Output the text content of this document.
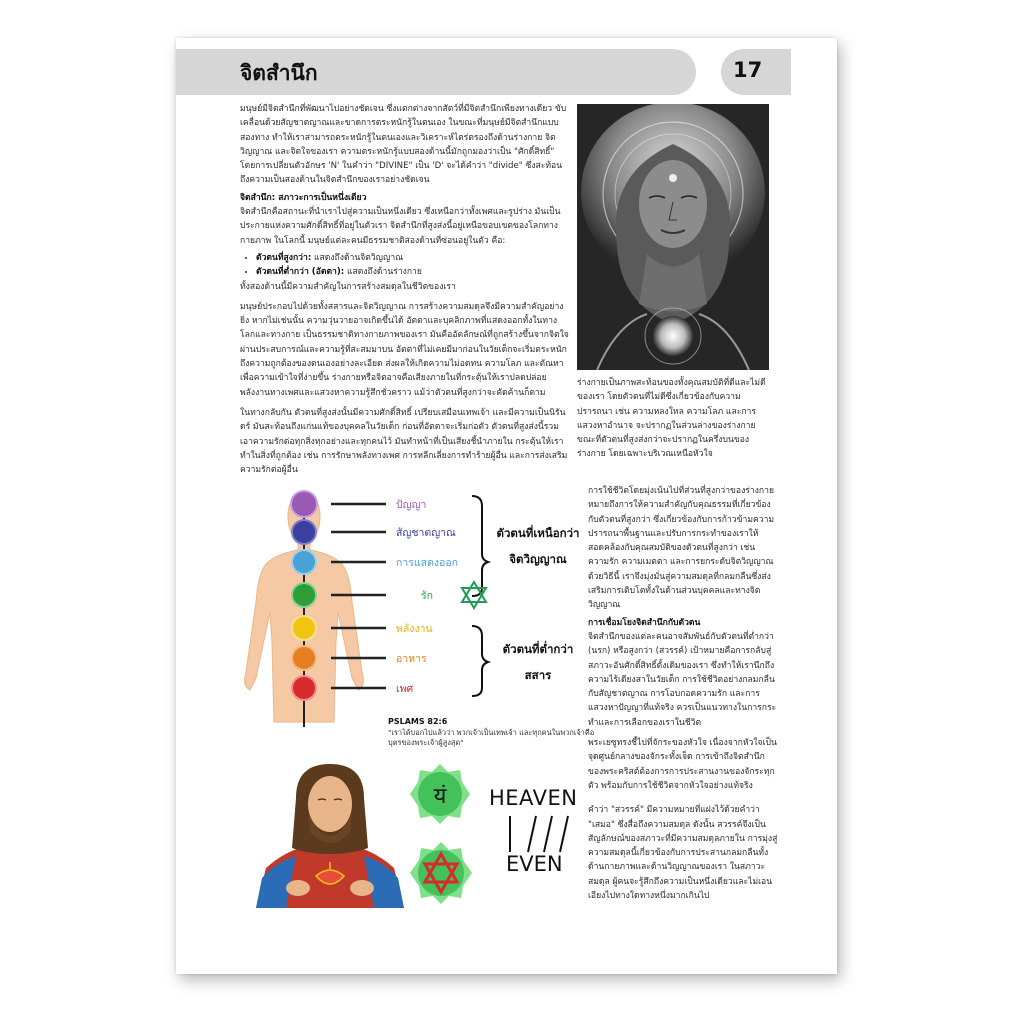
จิตสำนึก	17

มนุษย์มีจิตสำนึกที่พัฒนาไปอย่างชัดเจน ซึ่งแตกต่างจากสัตว์ที่มีจิตสำนึกเพียงทางเดียว ขับเคลื่อนด้วยสัญชาตญาณและขาดการตระหนักรู้ในตนเอง ในขณะที่มนุษย์มีจิตสำนึกแบบสองทาง ทำให้เราสามารถตระหนักรู้ในตนเองและวิเคราะห์ไตร่ตรองถึงด้านร่างกาย จิตวิญญาณ และจิตใจของเรา ความตระหนักรู้แบบสองด้านนี้มักถูกมองว่าเป็น "ศักดิ์สิทธิ์" โดยการเปลี่ยนตัวอักษร 'N' ในคำว่า "DIVINE" เป็น 'D' จะได้คำว่า "divide" ซึ่งสะท้อนถึงความเป็นสองด้านในจิตสำนึกของเราอย่างชัดเจน

จิตสำนึก: สภาวะการเป็นหนึ่งเดียว

จิตสำนึกคือสถานะที่นำเราไปสู่ความเป็นหนึ่งเดียว ซึ่งเหนือกว่าทั้งเพศและรูปร่าง มันเป็นประกายแห่งความศักดิ์สิทธิ์ที่อยู่ในตัวเรา จิตสำนึกที่สูงส่งนี้อยู่เหนือขอบเขตของโลกทางกายภาพ ในโลกนี้ มนุษย์แต่ละคนมีธรรมชาติสองด้านที่ซ่อนอยู่ในตัว คือ:

• ตัวตนที่สูงกว่า: แสดงถึงด้านจิตวิญญาณ
• ตัวตนที่ต่ำกว่า (อัตตา): แสดงถึงด้านร่างกาย

ทั้งสองด้านนี้มีความสำคัญในการสร้างสมดุลในชีวิตของเรา

มนุษย์ประกอบไปด้วยทั้งสสารและจิตวิญญาณ การสร้างความสมดุลจึงมีความสำคัญอย่างยิ่ง หากไม่เช่นนั้น ความวุ่นวายอาจเกิดขึ้นได้ อัตตาและบุคลิกภาพที่แสดงออกทั้งในทางโลกและทางกาย เป็นธรรมชาติทางกายภาพของเรา มันคืออัตลักษณ์ที่ถูกสร้างขึ้นจากจิตใจผ่านประสบการณ์และความรู้ที่สะสมมาบน อัตตาที่ไม่เคยมีมาก่อนในวัยเด็กจะเริ่มตระหนักถึงความถูกต้องของตนเองอย่างละเอียด ส่งผลให้เกิดความไม่อดทน ความโลภ และตัณหา เพื่อความเข้าใจที่ง่ายขึ้น ร่างกายหรือจิตอาจคือเสียงภายในที่กระตุ้นให้เราปลดปล่อยพลังงานทางเพศและแสวงหาความรู้สึกชั่วคราว แม้ว่าตัวตนที่สูงกว่าจะคัดค้านก็ตาม

ในทางกลับกัน ตัวตนที่สูงส่งนั้นมีความศักดิ์สิทธิ์ เปรียบเสมือนเทพเจ้า และมีความเป็นนิรันดร์ มันสะท้อนถึงแก่นแท้ของบุคคลในวัยเด็ก ก่อนที่อัตตาจะเริ่มก่อตัว ตัวตนที่สูงส่งนี้รวมเอาความรักต่อทุกสิ่งทุกอย่างและทุกคนไว้ มันทำหน้าที่เป็นเสียงชี้นำภายใน กระตุ้นให้เราทำในสิ่งที่ถูกต้อง เช่น การรักษาพลังทางเพศ การหลีกเลี่ยงการทำร้ายผู้อื่น และการส่งเสริมความรักต่อผู้อื่น

ร่างกายเป็นภาพสะท้อนของทั้งคุณสมบัติที่ดีและไม่ดีของเรา โดยตัวตนที่ไม่ดีซึ่งเกี่ยวข้องกับความปรารถนา เช่น ความหลงใหล ความโลภ และการแสวงหาอำนาจ จะปรากฏในส่วนล่างของร่างกาย ขณะที่ตัวตนที่สูงส่งกว่าจะปรากฏในครึ่งบนของร่างกาย โดยเฉพาะบริเวณเหนือหัวใจ

ปัญญา
สัญชาตญาณ
การแสดงออก
รัก
พลังงาน
อาหาร
เพศ
ตัวตนที่เหนือกว่า
จิตวิญญาณ
ตัวตนที่ต่ำกว่า
สสาร
PSLAMS 82:6
"เราได้บอกไปแล้วว่า พวกเจ้าเป็นเทพเจ้า และทุกคนในพวกเจ้าคือบุตรของพระเจ้าผู้สูงสุด"

การใช้ชีวิตโดยมุ่งเน้นไปที่ส่วนที่สูงกว่าของร่างกาย หมายถึงการให้ความสำคัญกับคุณธรรมที่เกี่ยวข้องกับตัวตนที่สูงกว่า ซึ่งเกี่ยวข้องกับการก้าวข้ามความปรารถนาพื้นฐานและปรับการกระทำของเราให้สอดคล้องกับคุณสมบัติของตัวตนที่สูงกว่า เช่น ความรัก ความเมตตา และการยกระดับจิตวิญญาณ ด้วยวิธีนี้ เราจึงมุ่งมั่นสู่ความสมดุลที่กลมกลืนซึ่งส่งเสริมการเติบโตทั้งในด้านส่วนบุคคลและทางจิตวิญญาณ

การเชื่อมโยงจิตสำนึกกับตัวตน

จิตสำนึกของแต่ละคนอาจสัมพันธ์กับตัวตนที่ต่ำกว่า (นรก) หรือสูงกว่า (สวรรค์) เป้าหมายคือการกลับสู่สภาวะอันศักดิ์สิทธิ์ดั้งเดิมของเรา ซึ่งทำให้เรานึกถึงความไร้เดียงสาในวัยเด็ก การใช้ชีวิตอย่างกลมกลืนกับสัญชาตญาณ การโอบกอดความรัก และการแสวงหาปัญญาที่แท้จริง ควรเป็นแนวทางในการกระทำและการเลือกของเราในชีวิต

พระเยซูทรงชี้ไปที่จักระของหัวใจ เนื่องจากหัวใจเป็นจุดศูนย์กลางของจักระทั้งเจ็ด การเข้าถึงจิตสำนึกของพระคริสต์ต้องการการประสานงานของจักระทุกตัว พร้อมกับการใช้ชีวิตจากหัวใจอย่างแท้จริง

คำว่า "สวรรค์" มีความหมายที่แฝงไว้ด้วยคำว่า "เสมอ" ซึ่งสื่อถึงความสมดุล ดังนั้น สวรรค์จึงเป็นสัญลักษณ์ของสภาวะที่มีความสมดุลภายใน การมุ่งสู่ความสมดุลนี้เกี่ยวข้องกับการประสานกลมกลืนทั้งด้านกายภาพและด้านวิญญาณของเรา ในสภาวะสมดุล ผู้คนจะรู้สึกถึงความเป็นหนึ่งเดียวและไม่เอนเอียงไปทางใดทางหนึ่งมากเกินไป

यं HEAVEN
EVEN
